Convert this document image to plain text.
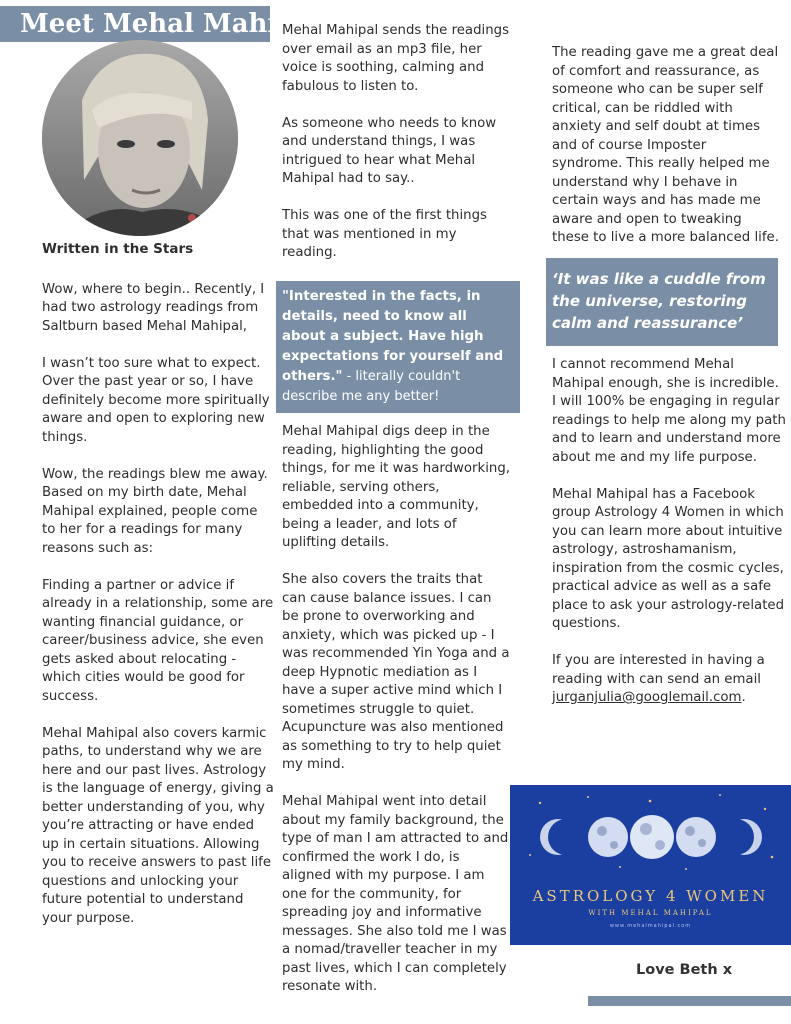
Meet Mehal Mahipal
Written in the Stars

Wow, where to begin.. Recently, I had two astrology readings from Saltburn based Mehal Mahipal,

I wasn’t too sure what to expect. Over the past year or so, I have definitely become more spiritually aware and open to exploring new things.

Wow, the readings blew me away. Based on my birth date, Mehal Mahipal explained, people come to her for a readings for many reasons such as:

Finding a partner or advice if already in a relationship, some are wanting financial guidance, or career/business advice, she even gets asked about relocating - which cities would be good for success.

Mehal Mahipal also covers karmic paths, to understand why we are here and our past lives. Astrology is the language of energy, giving a better understanding of you, why you’re attracting or have ended up in certain situations. Allowing you to receive answers to past life questions and unlocking your future potential to understand your purpose.

Mehal Mahipal sends the readings over email as an mp3 file, her voice is soothing, calming and fabulous to listen to.

As someone who needs to know and understand things, I was intrigued to hear what Mehal Mahipal had to say..

This was one of the first things that was mentioned in my reading.

"Interested in the facts, in details, need to know all about a subject. Have high expectations for yourself and others." - literally couldn't describe me any better!

Mehal Mahipal digs deep in the reading, highlighting the good things, for me it was hardworking, reliable, serving others, embedded into a community, being a leader, and lots of uplifting details.

She also covers the traits that can cause balance issues. I can be prone to overworking and anxiety, which was picked up - I was recommended Yin Yoga and a deep Hypnotic mediation as I have a super active mind which I sometimes struggle to quiet. Acupuncture was also mentioned as something to try to help quiet my mind.

Mehal Mahipal went into detail about my family background, the type of man I am attracted to and confirmed the work I do, is aligned with my purpose. I am one for the community, for spreading joy and informative messages. She also told me I was a nomad/traveller teacher in my past lives, which I can completely resonate with.

The reading gave me a great deal of comfort and reassurance, as someone who can be super self critical, can be riddled with anxiety and self doubt at times and of course Imposter syndrome. This really helped me understand why I behave in certain ways and has made me aware and open to tweaking these to live a more balanced life.

‘It was like a cuddle from the universe, restoring calm and reassurance’

I cannot recommend Mehal Mahipal enough, she is incredible. I will 100% be engaging in regular readings to help me along my path and to learn and understand more about me and my life purpose.

Mehal Mahipal has a Facebook group Astrology 4 Women in which you can learn more about intuitive astrology, astroshamanism, inspiration from the cosmic cycles, practical advice as well as a safe place to ask your astrology-related questions.

If you are interested in having a reading with can send an email jurganjulia@googlemail.com.

ASTROLOGY 4 WOMEN
WITH MEHAL MAHIPAL
www.mehalmahipal.com
Love Beth x
